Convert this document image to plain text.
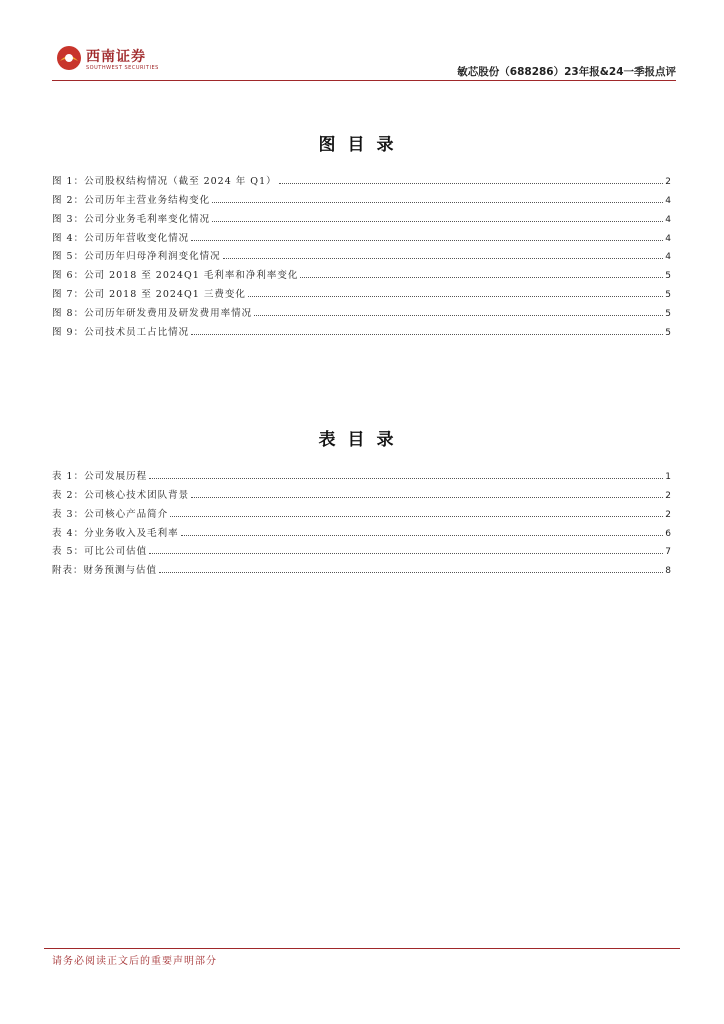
西南证券
SOUTHWEST SECURITIES	敏芯股份（688286）23年报&24一季报点评
图目录
图 1：公司股权结构情况（截至 2024 年 Q1）	2
图 2：公司历年主营业务结构变化	4
图 3：公司分业务毛利率变化情况	4
图 4：公司历年营收变化情况	4
图 5：公司历年归母净利润变化情况	4
图 6：公司 2018 至 2024Q1 毛利率和净利率变化	5
图 7：公司 2018 至 2024Q1 三费变化	5
图 8：公司历年研发费用及研发费用率情况	5
图 9：公司技术员工占比情况	5
表目录
表 1：公司发展历程	1
表 2：公司核心技术团队背景	2
表 3：公司核心产品简介	2
表 4：分业务收入及毛利率	6
表 5：可比公司估值	7
附表：财务预测与估值	8
请务必阅读正文后的重要声明部分
